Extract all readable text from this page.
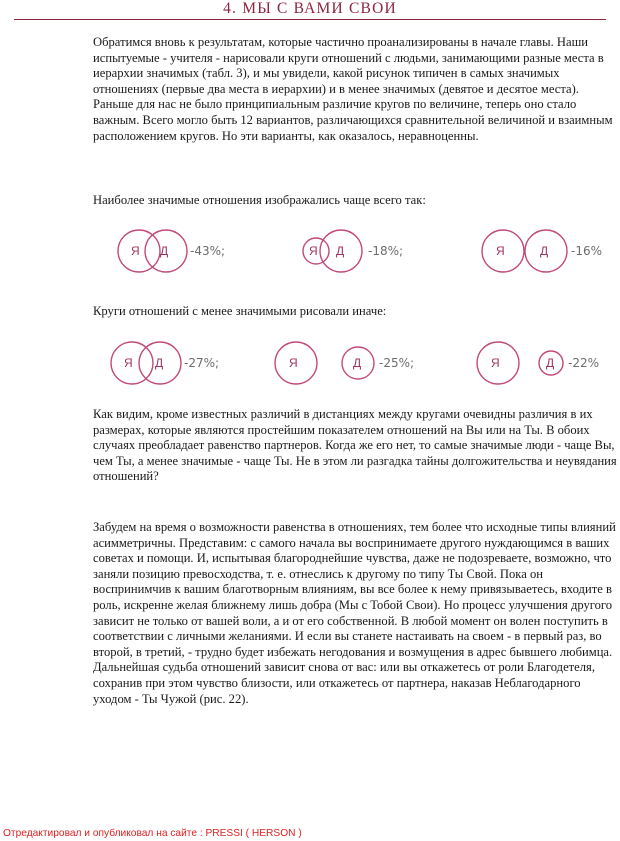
4. МЫ С ВАМИ СВОИ

Обратимся вновь к результатам, которые частично проанализированы в начале главы. Наши испытуемые - учителя - нарисовали круги отношений с людьми, занимающими разные места в иерархии значимых (табл. 3), и мы увидели, какой рисунок типичен в самых значимых отношениях (первые два места в иерархии) и в менее значимых (девятое и десятое места). Раньше для нас не было принципиальным различие кругов по величине, теперь оно стало важным. Всего могло быть 12 вариантов, различающихся сравнительной величиной и взаимным расположением кругов. Но эти варианты, как оказалось, неравноценны.

Наиболее значимые отношения изображались чаще всего так:

Я Д -43%;	Я Д -18%;	Я	Д -16%

Круги отношений с менее значимыми рисовали иначе:

Я Д -27%;	Я	Д -25%;	Я	Д -22%

Как видим, кроме известных различий в дистанциях между кругами очевидны различия в их размерах, которые являются простейшим показателем отношений на Вы или на Ты. В обоих случаях преобладает равенство партнеров. Когда же его нет, то самые значимые люди - чаще Вы, чем Ты, а менее значимые - чаще Ты. Не в этом ли разгадка тайны долгожительства и неувядания отношений?

Забудем на время о возможности равенства в отношениях, тем более что исходные типы влияний асимметричны. Представим: с самого начала вы воспринимаете другого нуждающимся в ваших советах и помощи. И, испытывая благороднейшие чувства, даже не подозреваете, возможно, что заняли позицию превосходства, т. е. отнеслись к другому по типу Ты Свой. Пока он воспринимчив к вашим благотворным влияниям, вы все более к нему привязываетесь, входите в роль, искренне желая ближнему лишь добра (Мы с Тобой Свои). Но процесс улучшения другого зависит не только от вашей воли, а и от его собственной. В любой момент он волен поступить в соответствии с личными желаниями. И если вы станете настаивать на своем - в первый раз, во второй, в третий, - трудно будет избежать негодования и возмущения в адрес бывшего любимца. Дальнейшая судьба отношений зависит снова от вас: или вы откажетесь от роли Благодетеля, сохранив при этом чувство близости, или откажетесь от партнера, наказав Неблагодарного уходом - Ты Чужой (рис. 22).

Отредактировал и опубликовал на сайте : PRESSI ( HERSON )
